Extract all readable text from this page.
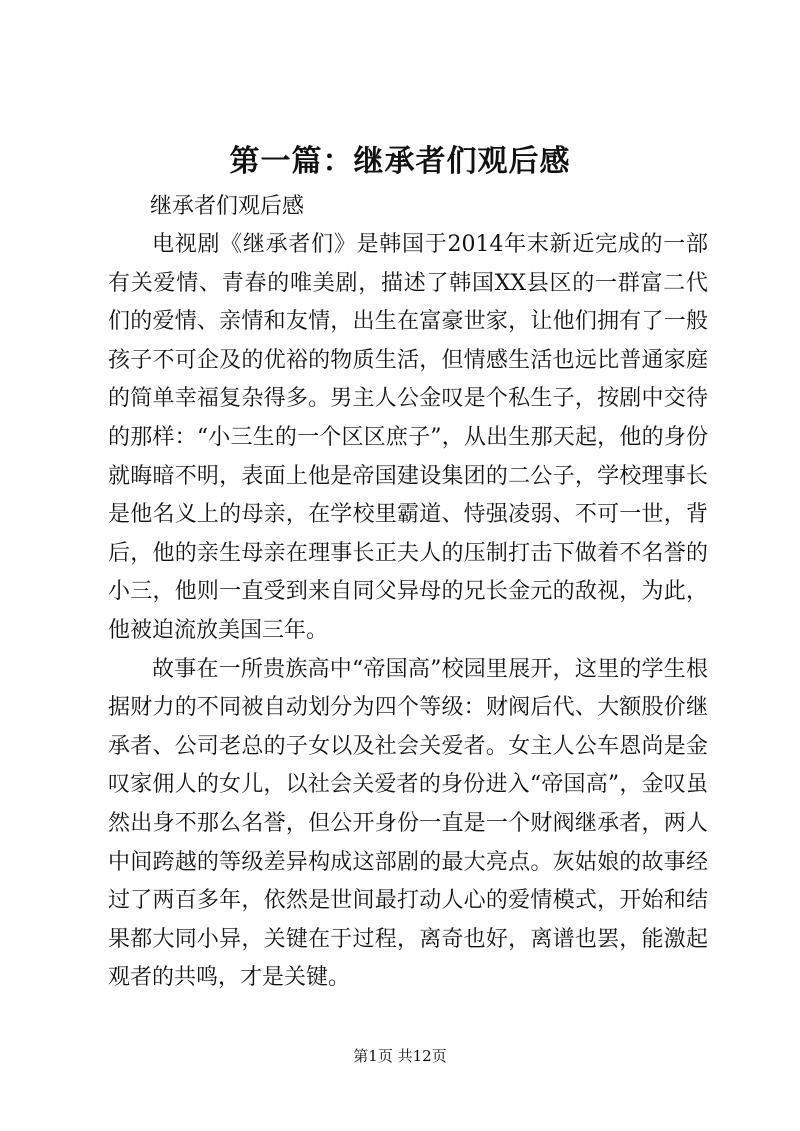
第一篇：继承者们观后感
继承者们观后感

电视剧《继承者们》是韩国于2014年末新近完成的一部有关爱情、青春的唯美剧，描述了韩国XX县区的一群富二代们的爱情、亲情和友情，出生在富豪世家，让他们拥有了一般孩子不可企及的优裕的物质生活，但情感生活也远比普通家庭的简单幸福复杂得多。男主人公金叹是个私生子，按剧中交待的那样：“小三生的一个区区庶子”，从出生那天起，他的身份就晦暗不明，表面上他是帝国建设集团的二公子，学校理事长是他名义上的母亲，在学校里霸道、恃强凌弱、不可一世，背后，他的亲生母亲在理事长正夫人的压制打击下做着不名誉的小三，他则一直受到来自同父异母的兄长金元的敌视，为此，他被迫流放美国三年。

故事在一所贵族高中“帝国高”校园里展开，这里的学生根据财力的不同被自动划分为四个等级：财阀后代、大额股价继承者、公司老总的子女以及社会关爱者。女主人公车恩尚是金叹家佣人的女儿，以社会关爱者的身份进入“帝国高”，金叹虽然出身不那么名誉，但公开身份一直是一个财阀继承者，两人中间跨越的等级差异构成这部剧的最大亮点。灰姑娘的故事经过了两百多年，依然是世间最打动人心的爱情模式，开始和结果都大同小异，关键在于过程，离奇也好，离谱也罢，能激起观者的共鸣，才是关键。

第1页 共12页
